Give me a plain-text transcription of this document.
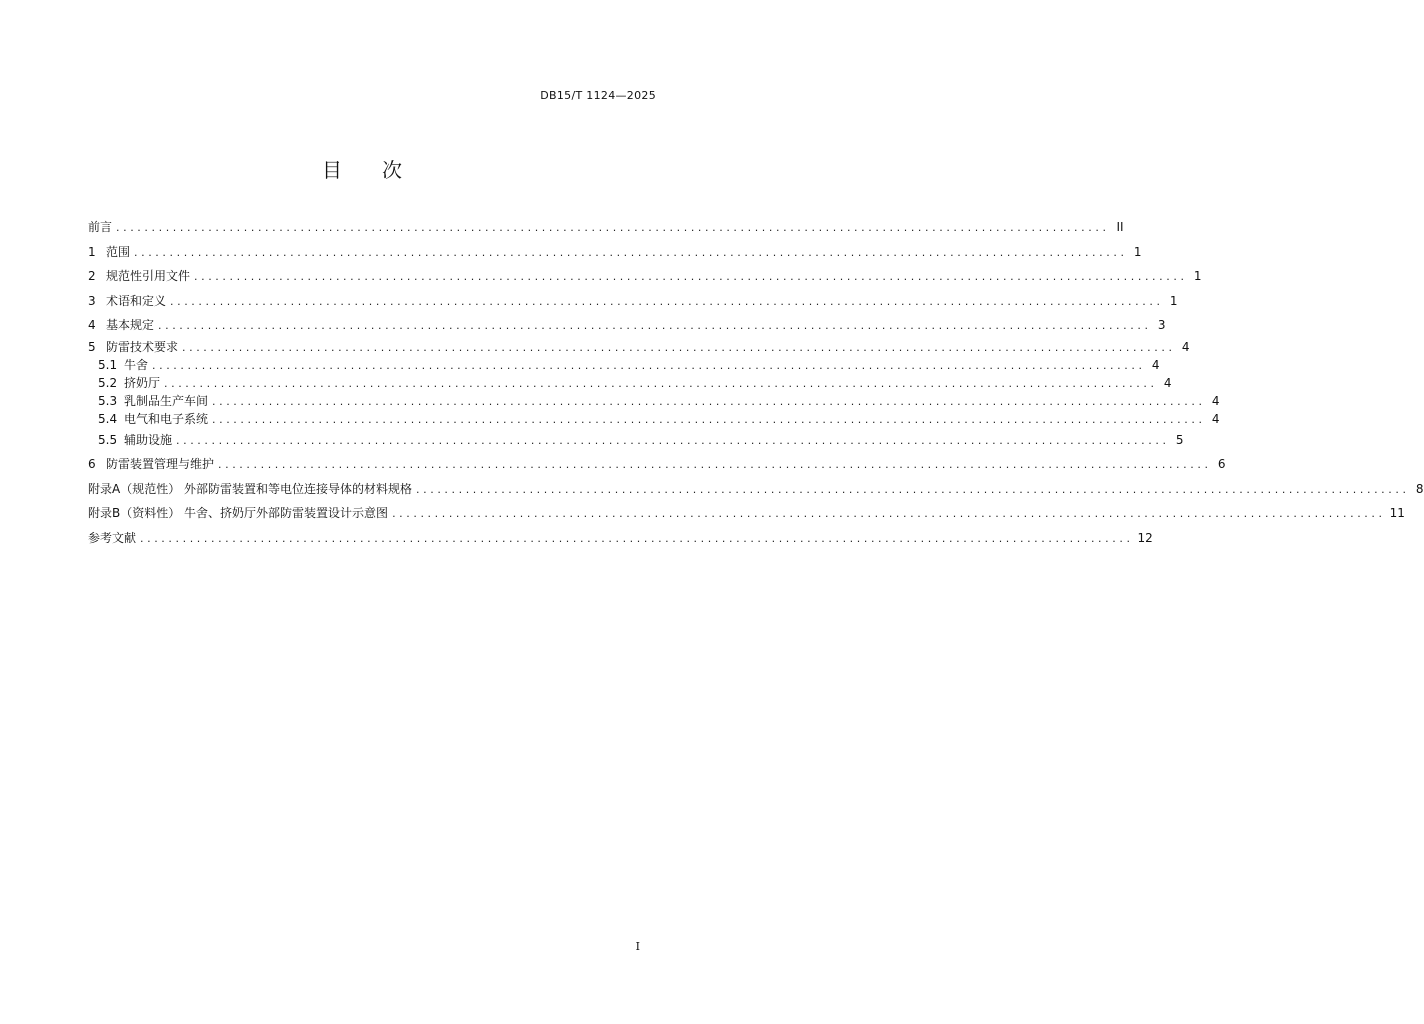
DB15/T 1124—2025
目 次
前言 ............................................................................................................................................ II
1 范围 ............................................................................................................................................ 1
2 规范性引用文件 ............................................................................................................................................ 1
3 术语和定义 ............................................................................................................................................ 1
4 基本规定 ............................................................................................................................................ 3
5 防雷技术要求 ............................................................................................................................................ 4
5.1 牛舍 ............................................................................................................................................ 4
5.2 挤奶厅 ............................................................................................................................................ 4
5.3 乳制品生产车间 ............................................................................................................................................ 4
5.4 电气和电子系统 ............................................................................................................................................ 4
5.5 辅助设施 ............................................................................................................................................ 5
6 防雷装置管理与维护 ............................................................................................................................................ 6
附录A（规范性） 外部防雷装置和等电位连接导体的材料规格 ............................................................................................................................................ 8
附录B（资料性） 牛舍、挤奶厅外部防雷装置设计示意图 ............................................................................................................................................ 11
参考文献 ............................................................................................................................................ 12
I
